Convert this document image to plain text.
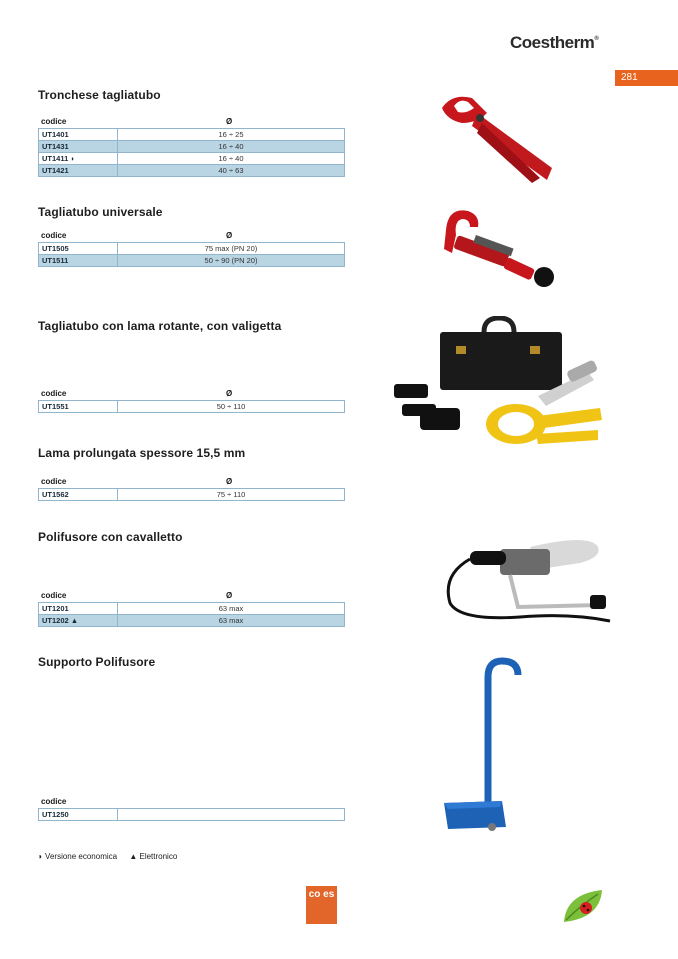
Coestherm®
281
Tronchese tagliatubo
codice	Ø
UT1401	16 ÷ 25
UT1431	16 ÷ 40
UT1411 ◗	16 ÷ 40
UT1421	40 ÷ 63
Tagliatubo universale
codice	Ø
UT1505	75 max (PN 20)
UT1511	50 ÷ 90 (PN 20)
Tagliatubo con lama rotante, con valigetta
codice	Ø
UT1551	50 ÷ 110
Lama prolungata spessore 15,5 mm
codice	Ø
UT1562	75 ÷ 110
Polifusore con cavalletto
codice	Ø
UT1201	63 max
UT1202 ▲	63 max
Supporto Polifusore
codice
UT1250	
◗ Versione economica ▲ Elettronico
co es
